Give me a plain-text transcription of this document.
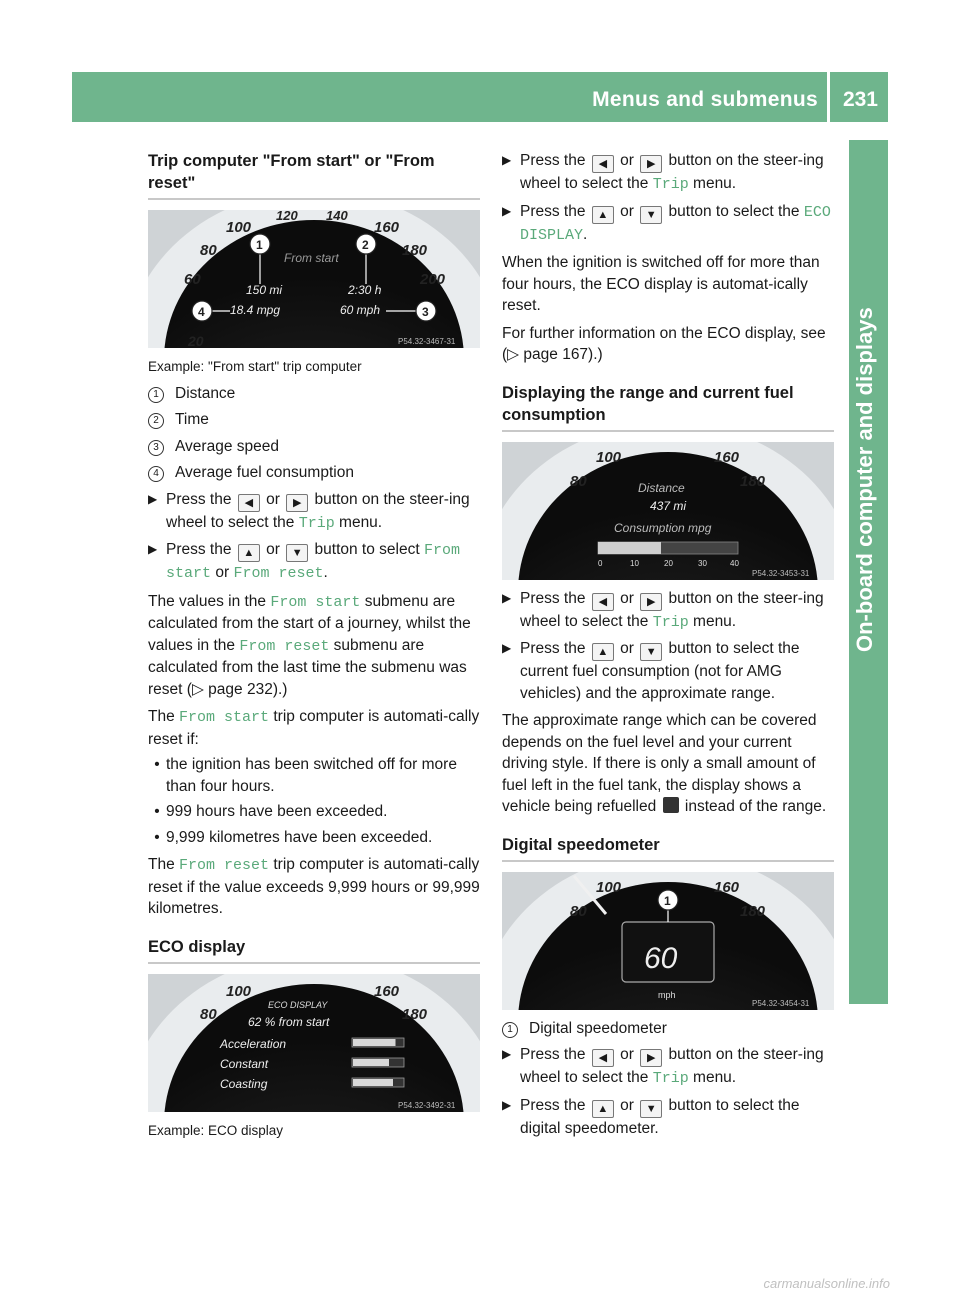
Menus and submenus 231
On-board computer and displays
Trip computer "From start" or "From reset"
100
120 140
160
180
200
80
60
20
From start
150 mi	2:30 h
18.4 mpg	60 mph
1	2
3
4
P54.32-3467-31
Example: "From start" trip computer
1	Distance
2	Time
3	Average speed
4	Average fuel consumption
▶ Press the ◀ or ▶ button on the steer-ing wheel to select the Trip menu.
▶ Press the ▲ or ▼ button to select From start or From reset.

The values in the From start submenu are calculated from the start of a journey, whilst the values in the From reset submenu are calculated from the last time the submenu was reset (▷ page 232).)

The From start trip computer is automati-cally reset if:

• the ignition has been switched off for more than four hours.
• 999 hours have been exceeded.
• 9,999 kilometres have been exceeded.

The From reset trip computer is automati-cally reset if the value exceeds 9,999 hours or 99,999 kilometres.

ECO display
100	160
80	180
ECO DISPLAY
62 % from start
Acceleration
Constant
Coasting
P54.32-3492-31
Example: ECO display
▶ Press the ◀ or ▶ button on the steer-ing wheel to select the Trip menu.
▶ Press the ▲ or ▼ button to select the ECO DISPLAY.

When the ignition is switched off for more than four hours, the ECO display is automat-ically reset.

For further information on the ECO display, see (▷ page 167).)

Displaying the range and current fuel consumption
100	160
80	180
Distance
437 mi
Consumption mpg
0	10	20	30	40
P54.32-3453-31
▶ Press the ◀ or ▶ button on the steer-ing wheel to select the Trip menu.
▶ Press the ▲ or ▼ button to select the current fuel consumption (not for AMG vehicles) and the approximate range.

The approximate range which can be covered depends on the fuel level and your current driving style. If there is only a small amount of fuel left in the fuel tank, the display shows a vehicle being refuelled instead of the range.

Digital speedometer
100	160
80	180
60
mph
1
P54.32-3454-31
1	Digital speedometer
▶ Press the ◀ or ▶ button on the steer-ing wheel to select the Trip menu.
▶ Press the ▲ or ▼ button to select the digital speedometer.
carmanualsonline.info
